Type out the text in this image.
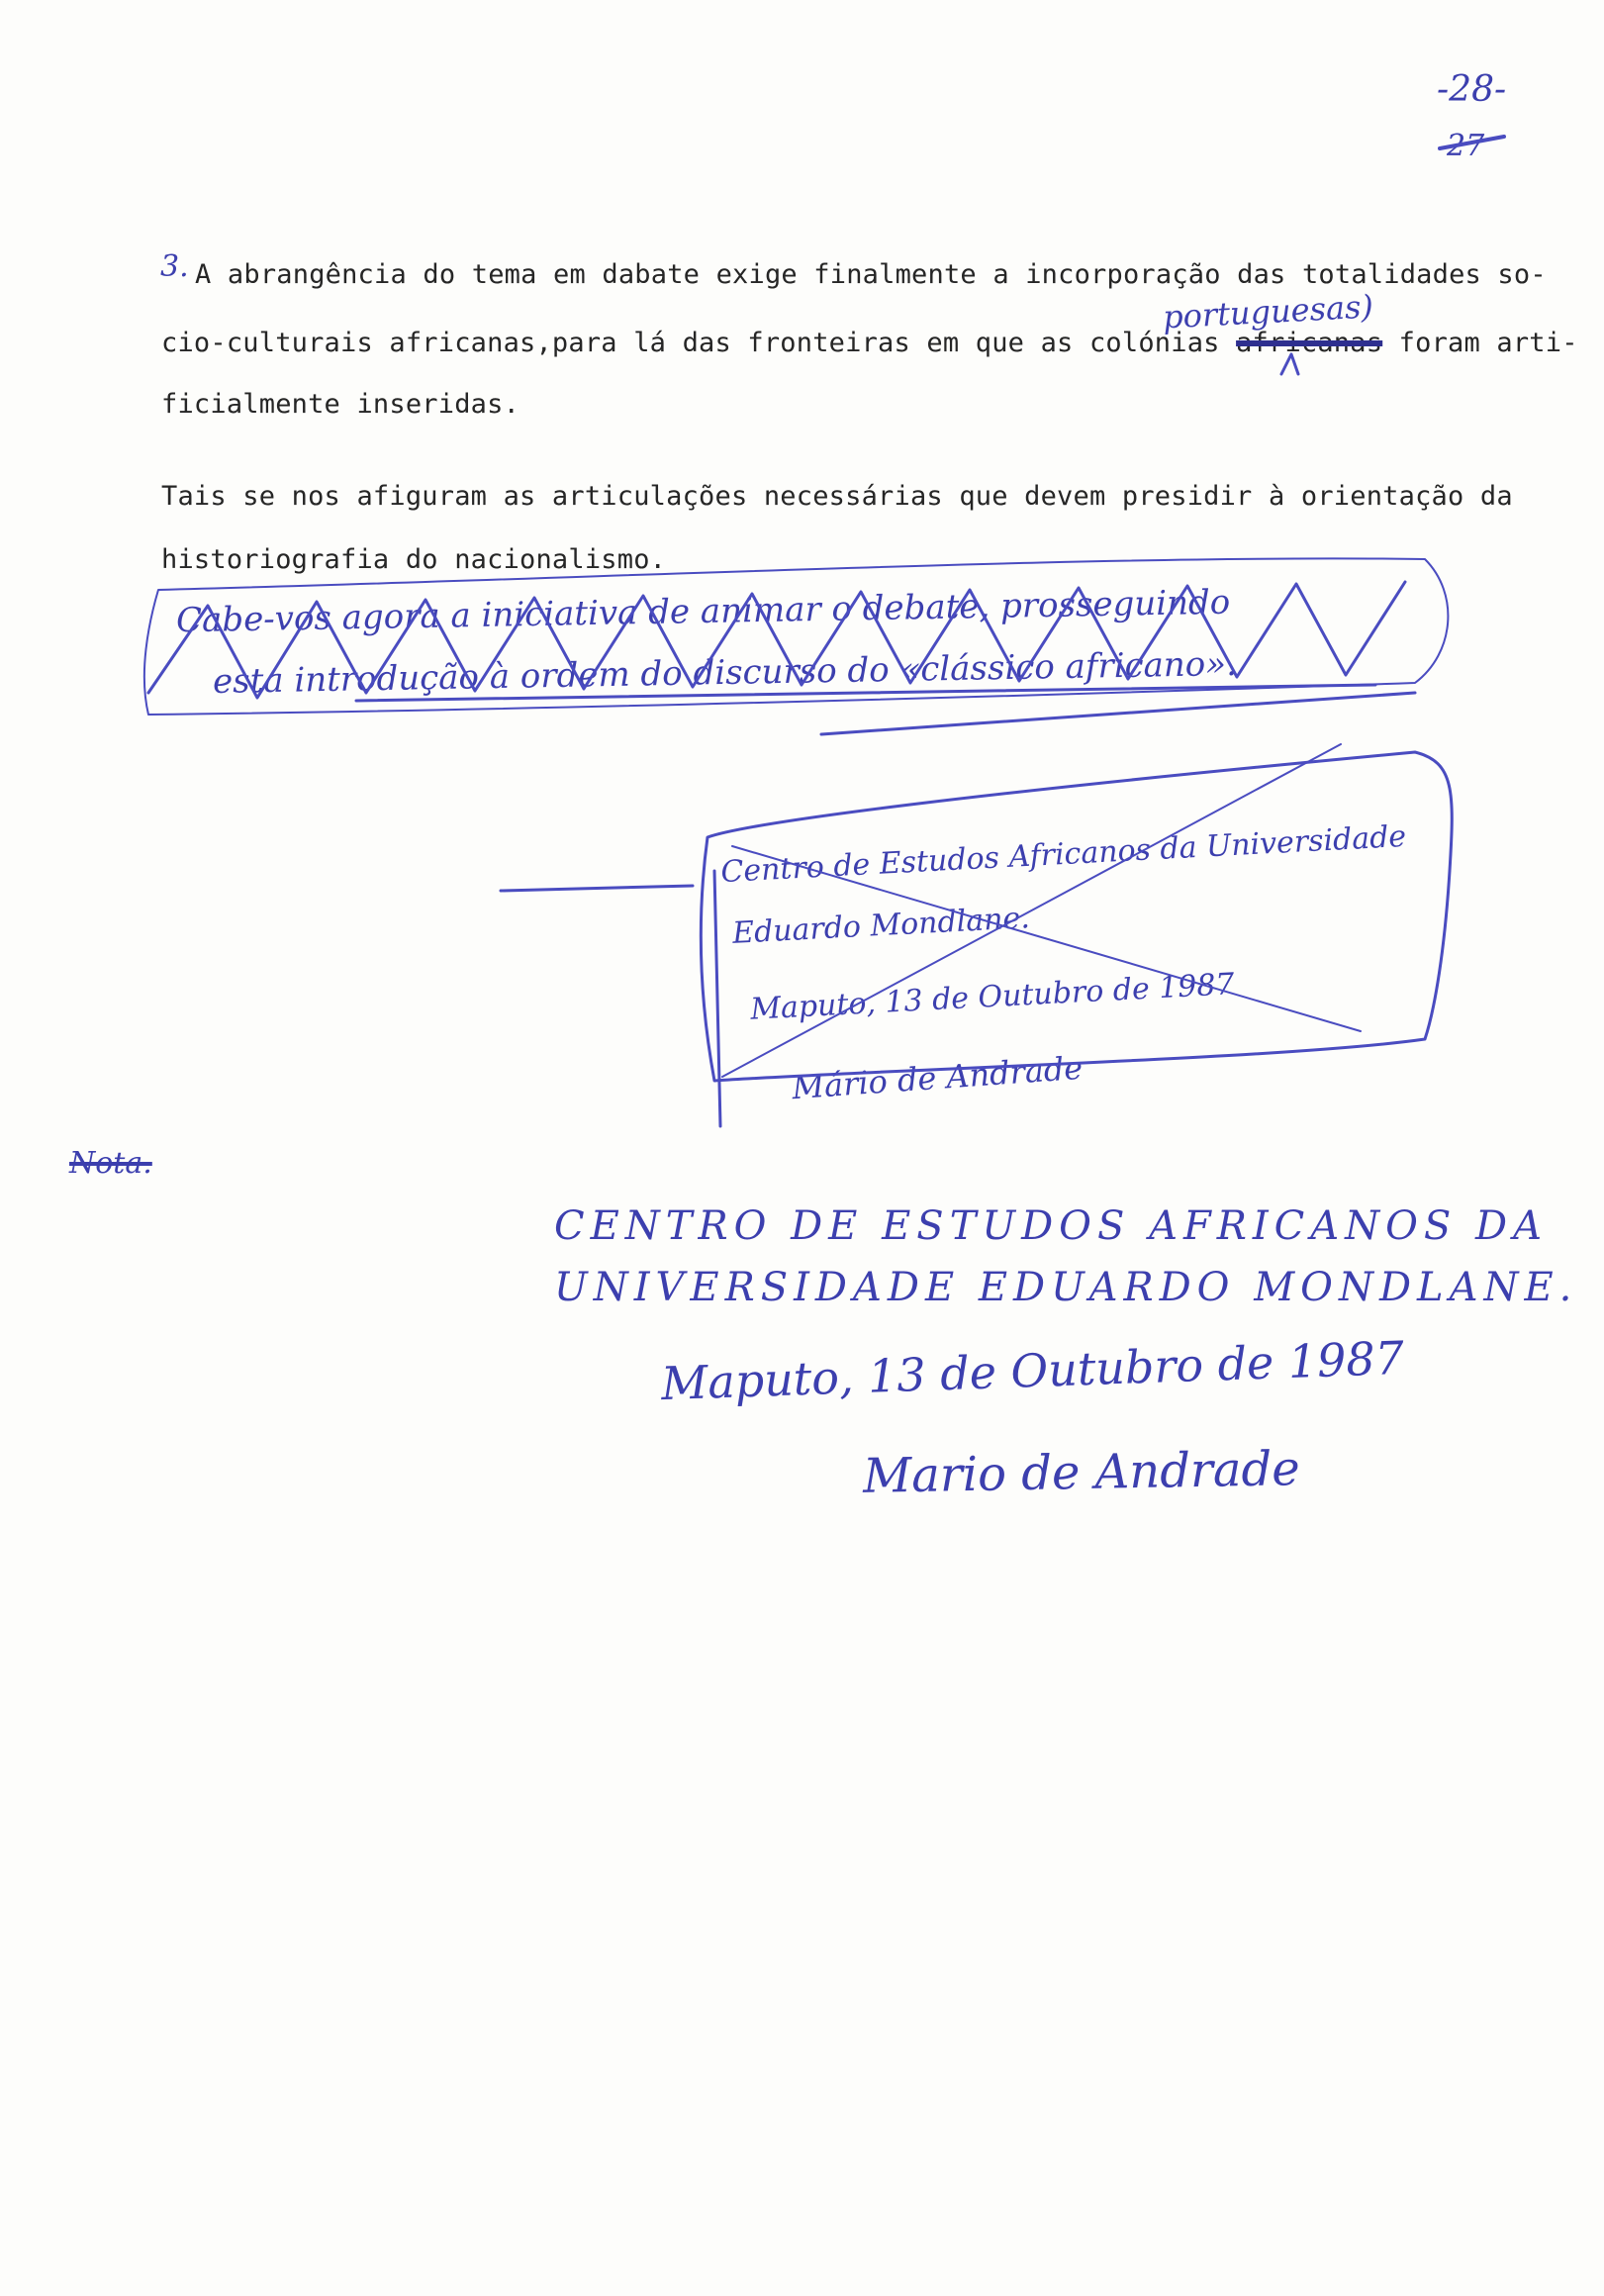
-28-
27
3. A abrangência do tema em dabate exige finalmente a incorporação das totalidades so-
cio-culturais africanas,para lá das fronteiras em que as colónias africanas foram arti-
portuguesas)
ficialmente inseridas.
Tais se nos afiguram as articulações necessárias que devem presidir à orientação da
historiografia do nacionalismo.
Cabe-vos agora a iniciativa de animar o debate, prosseguindo
esta introdução à ordem do discurso do «clássico africano».
Centro de Estudos Africanos da Universidade
Eduardo Mondlane.
Maputo, 13 de Outubro de 1987
Mário de Andrade
Nota.
CENTRO DE ESTUDOS AFRICANOS DA
UNIVERSIDADE EDUARDO MONDLANE.
Maputo, 13 de Outubro de 1987
Mario de Andrade
